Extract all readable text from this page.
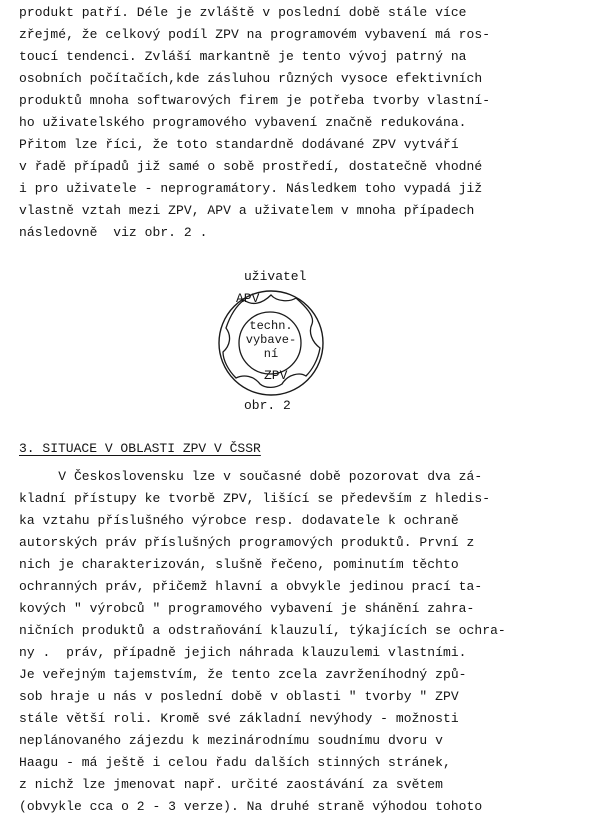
produkt patří. Déle je zvláště v poslední době stále více
zřejmé, že celkový podíl ZPV na programovém vybavení má ros-
toucí tendenci. Zvláší markantně je tento vývoj patrný na
osobních počítačích,kde zásluhou různých vysoce efektivních
produktů mnoha softwarových firem je potřeba tvorby vlastní-
ho uživatelského programového vybavení značně redukována.
Přitom lze říci, že toto standardně dodávané ZPV vytváří
v řadě případů již samé o sobě prostředí, dostatečně vhodné
i pro uživatele - neprogramátory. Následkem toho vypadá již
vlastně vztah mezi ZPV, APV a uživatelem v mnoha případech
následovně  viz obr. 2 .
uživatel
APV
techn.
vybave-
ní
ZPV
obr. 2
3. SITUACE V OBLASTI ZPV V ČSSR
V Československu lze v současné době pozorovat dva zá-
kladní přístupy ke tvorbě ZPV, lišící se především z hledis-
ka vztahu příslušného výrobce resp. dodavatele k ochraně
autorských práv příslušných programových produktů. První z
nich je charakterizován, slušně řečeno, pominutím těchto
ochranných práv, přičemž hlavní a obvykle jedinou prací ta-
kových " výrobců " programového vybavení je shánění zahra-
ničních produktů a odstraňování klauzulí, týkajících se ochra-
ny .  práv, případně jejich náhrada klauzulemi vlastními.
Je veřejným tajemstvím, že tento zcela zavrženíhodný způ-
sob hraje u nás v poslední době v oblasti " tvorby " ZPV
stále větší roli. Kromě své základní nevýhody - možnosti
neplánovaného zájezdu k mezinárodnímu soudnímu dvoru v
Haagu - má ještě i celou řadu dalších stinných stránek,
z nichž lze jmenovat např. určité zaostávání za světem
(obvykle cca o 2 - 3 verze). Na druhé straně výhodou tohoto
